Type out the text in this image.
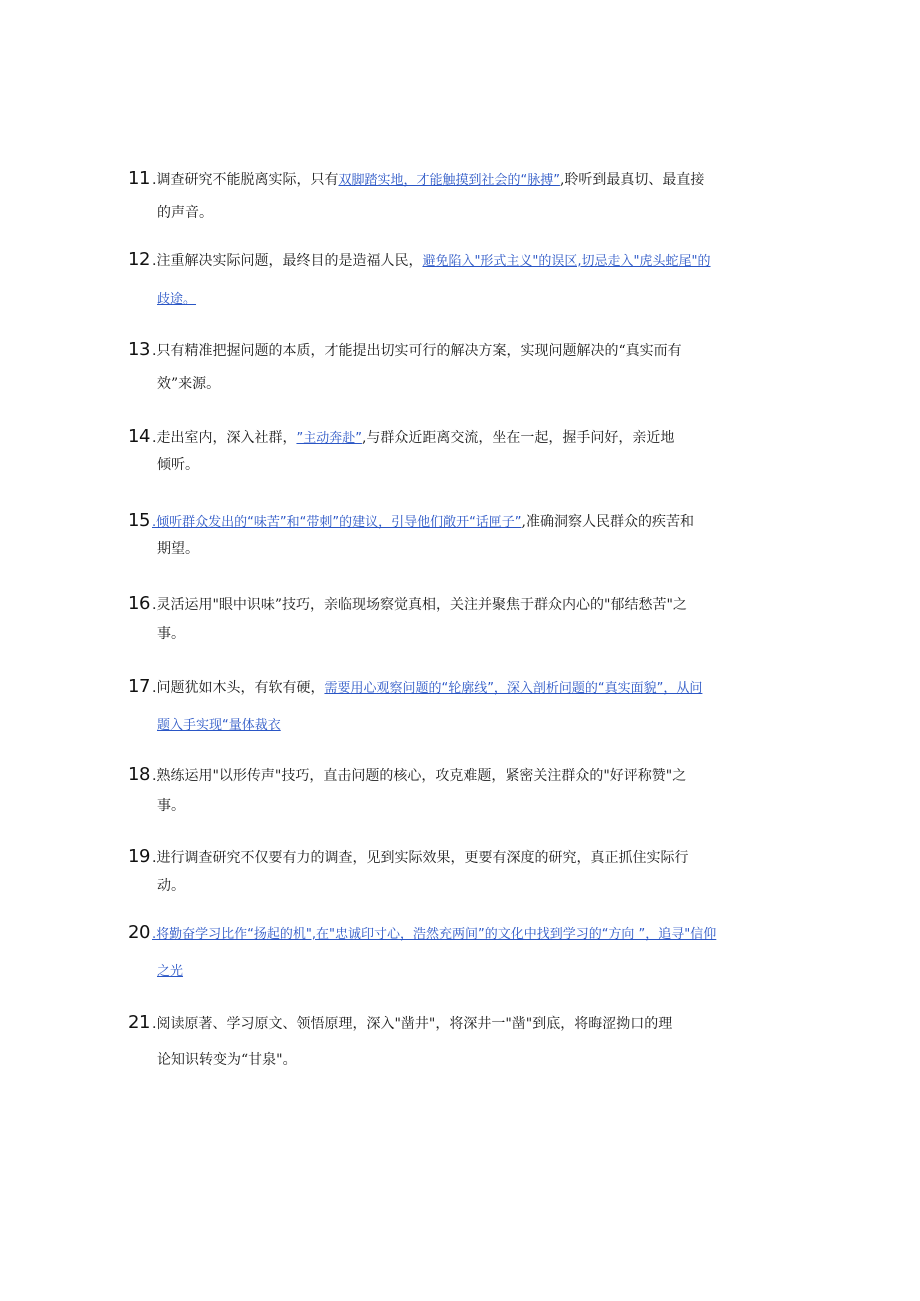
11 .调查研究不能脱离实际，只有 双脚踏实地，才能触摸到社会的“脉搏” ,聆听到最真切、最直接
的声音。
12 .注重解决实际问题，最终目的是造福人民， 避免陷入"形式主义"的误区,切忌走入"虎头蛇尾"的
歧途。
13 .只有精准把握问题的本质，才能提出切实可行的解决方案，实现问题解决的“真实而有
效”来源。
14 .走出室内，深入社群， ”主动奔赴” ,与群众近距离交流，坐在一起，握手问好，亲近地
倾听。
15 .倾听群众发出的“味苦”和“带刺”的建议，引导他们敞开“话匣子” ,准确洞察人民群众的疾苦和
期望。
16 .灵活运用"眼中识味”技巧，亲临现场察觉真相，关注并聚焦于群众内心的"郁结愁苦"之
事。
17 .问题犹如木头，有软有硬， 需要用心观察问题的“轮廓线”，深入剖析问题的“真实面貌”，从问
题入手实现“量体裁衣
18 .熟练运用"以形传声"技巧，直击问题的核心，攻克难题，紧密关注群众的"好评称赞"之
事。
19 .进行调查研究不仅要有力的调查，见到实际效果，更要有深度的研究，真正抓住实际行
动。
20 .将勤奋学习比作“扬起的机",在"忠诚印寸心，浩然充两间”的文化中找到学习的“方向 ”，追寻"信仰
之光
21 .阅读原著、学习原文、领悟原理，深入"凿井"，将深井一"凿"到底，将晦涩拗口的理
论知识转变为“甘泉"。
